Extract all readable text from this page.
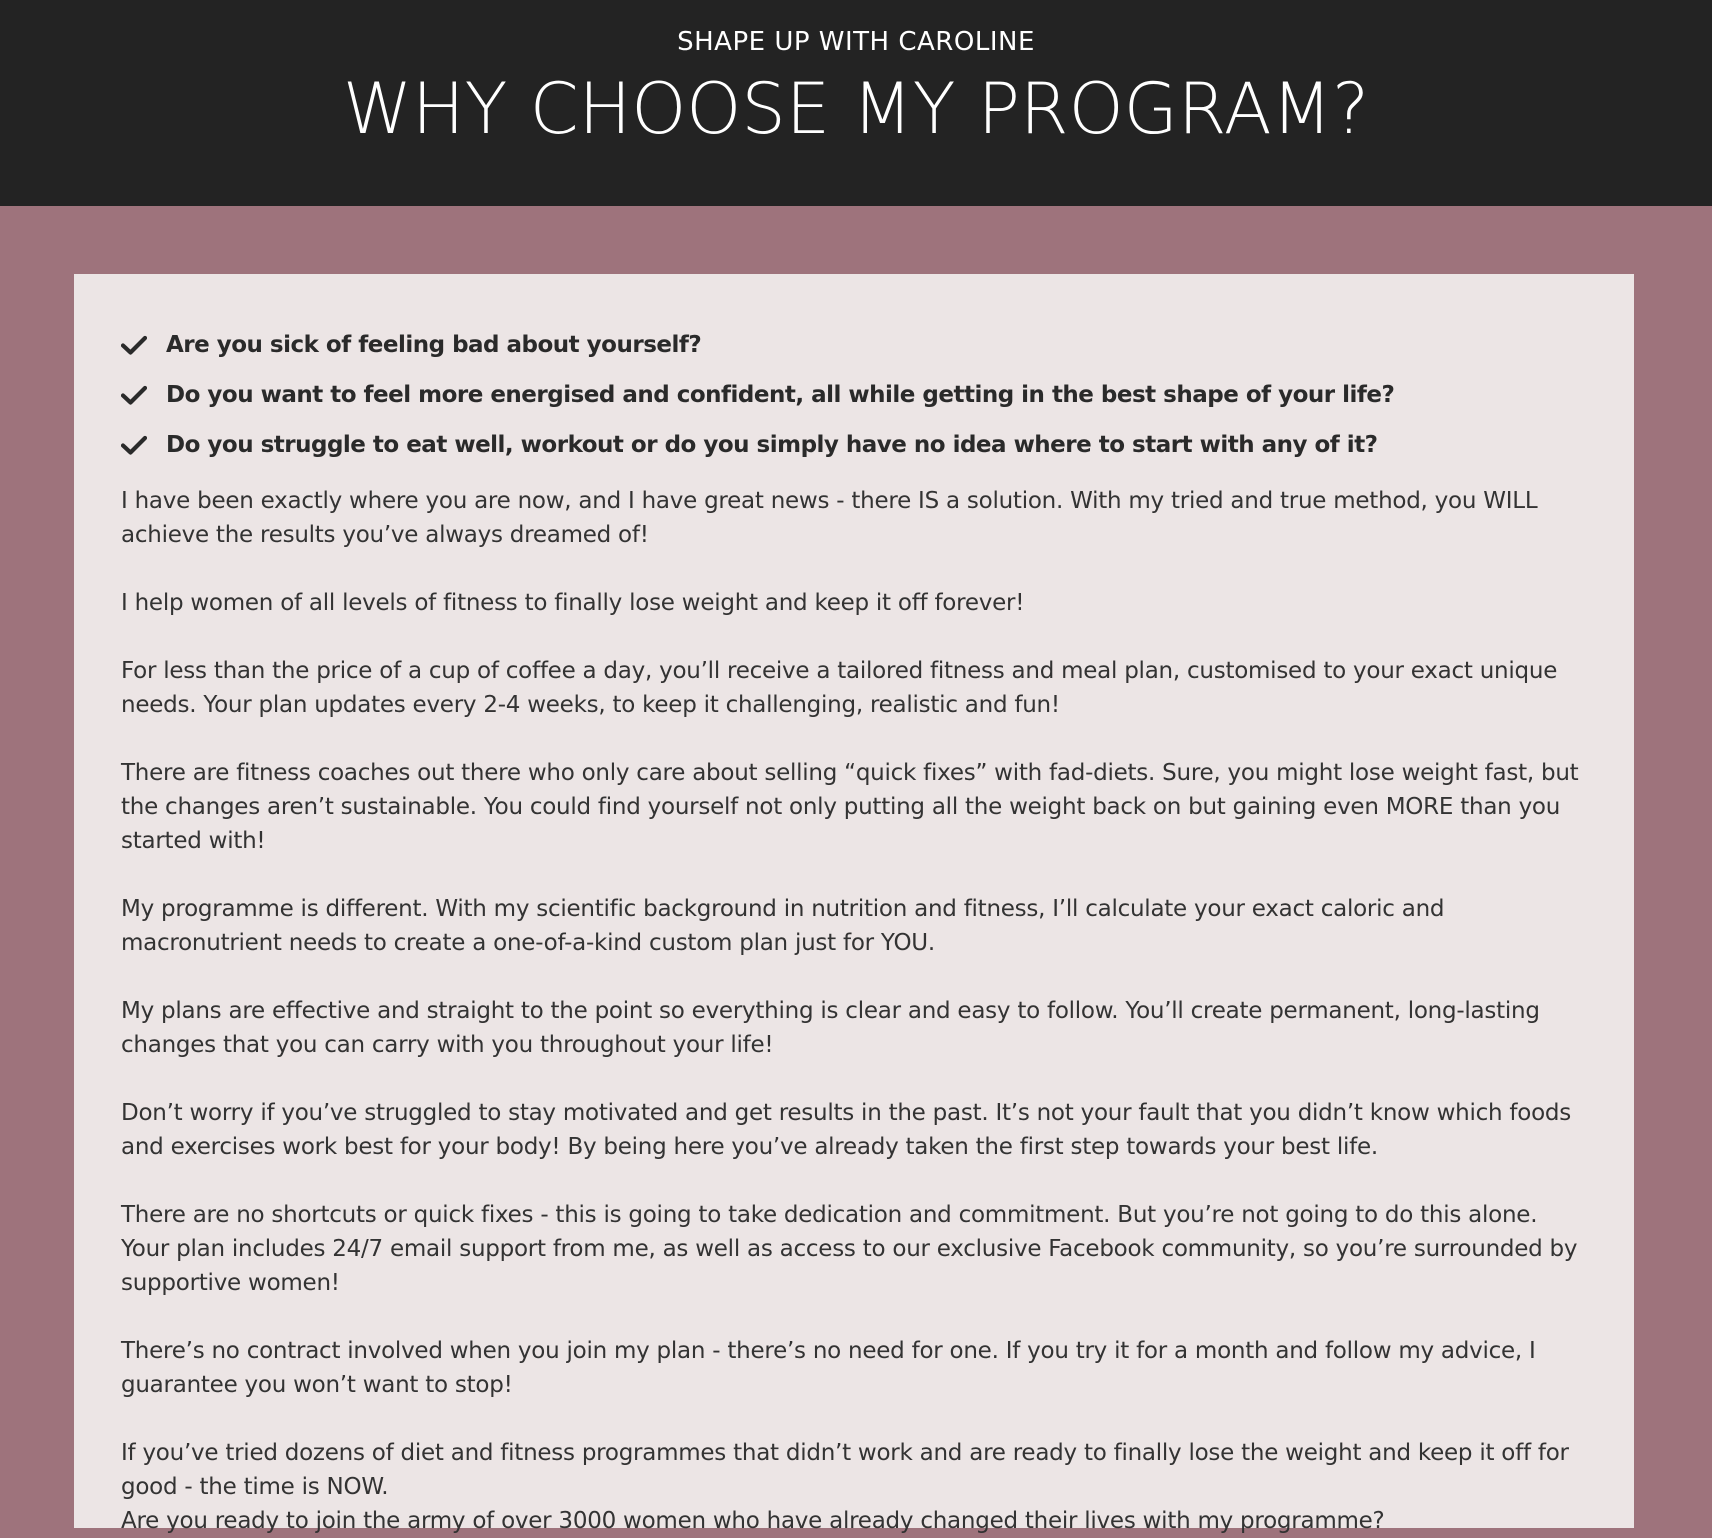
SHAPE UP WITH CAROLINE

WHY CHOOSE MY PROGRAM?
Are you sick of feeling bad about yourself?
Do you want to feel more energised and confident, all while getting in the best shape of your life?
Do you struggle to eat well, workout or do you simply have no idea where to start with any of it?

I have been exactly where you are now, and I have great news - there IS a solution. With my tried and true method, you WILL achieve the results you’ve always dreamed of!

I help women of all levels of fitness to finally lose weight and keep it off forever!

For less than the price of a cup of coffee a day, you’ll receive a tailored fitness and meal plan, customised to your exact unique needs. Your plan updates every 2-4 weeks, to keep it challenging, realistic and fun!

There are fitness coaches out there who only care about selling “quick fixes” with fad-diets. Sure, you might lose weight fast, but the changes aren’t sustainable. You could find yourself not only putting all the weight back on but gaining even MORE than you started with!

My programme is different. With my scientific background in nutrition and fitness, I’ll calculate your exact caloric and macronutrient needs to create a one-of-a-kind custom plan just for YOU.

My plans are effective and straight to the point so everything is clear and easy to follow. You’ll create permanent, long-lasting changes that you can carry with you throughout your life!

Don’t worry if you’ve struggled to stay motivated and get results in the past. It’s not your fault that you didn’t know which foods and exercises work best for your body! By being here you’ve already taken the first step towards your best life.

There are no shortcuts or quick fixes - this is going to take dedication and commitment. But you’re not going to do this alone. Your plan includes 24/7 email support from me, as well as access to our exclusive Facebook community, so you’re surrounded by supportive women!

There’s no contract involved when you join my plan - there’s no need for one. If you try it for a month and follow my advice, I guarantee you won’t want to stop!

If you’ve tried dozens of diet and fitness programmes that didn’t work and are ready to finally lose the weight and keep it off for good - the time is NOW.

Are you ready to join the army of over 3000 women who have already changed their lives with my programme?
